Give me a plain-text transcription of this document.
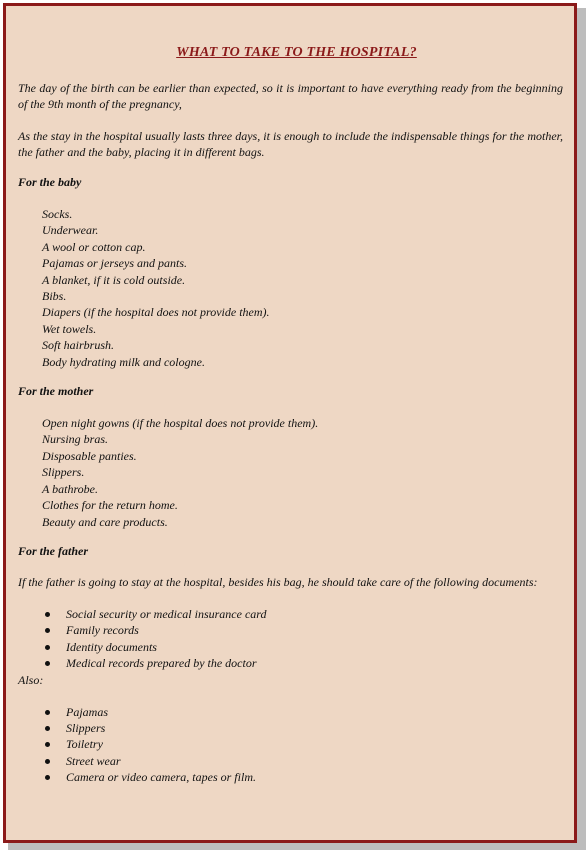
WHAT TO TAKE TO THE HOSPITAL?

The day of the birth can be earlier than expected, so it is important to have everything ready from the beginning of the 9th month of the pregnancy,

As the stay in the hospital usually lasts three days, it is enough to include the indispensable things for the mother, the father and the baby, placing it in different bags.

For the baby

Socks.
Underwear.
A wool or cotton cap.
Pajamas or jerseys and pants.
A blanket, if it is cold outside.
Bibs.
Diapers (if the hospital does not provide them).
Wet towels.
Soft hairbrush.
Body hydrating milk and cologne.

For the mother

Open night gowns (if the hospital does not provide them).
Nursing bras.
Disposable panties.
Slippers.
A bathrobe.
Clothes for the return home.
Beauty and care products.

For the father

If the father is going to stay at the hospital, besides his bag, he should take care of the following documents:

Social security or medical insurance card
Family records
Identity documents
Medical records prepared by the doctor

Also:

Pajamas
Slippers
Toiletry
Street wear
Camera or video camera, tapes or film.
